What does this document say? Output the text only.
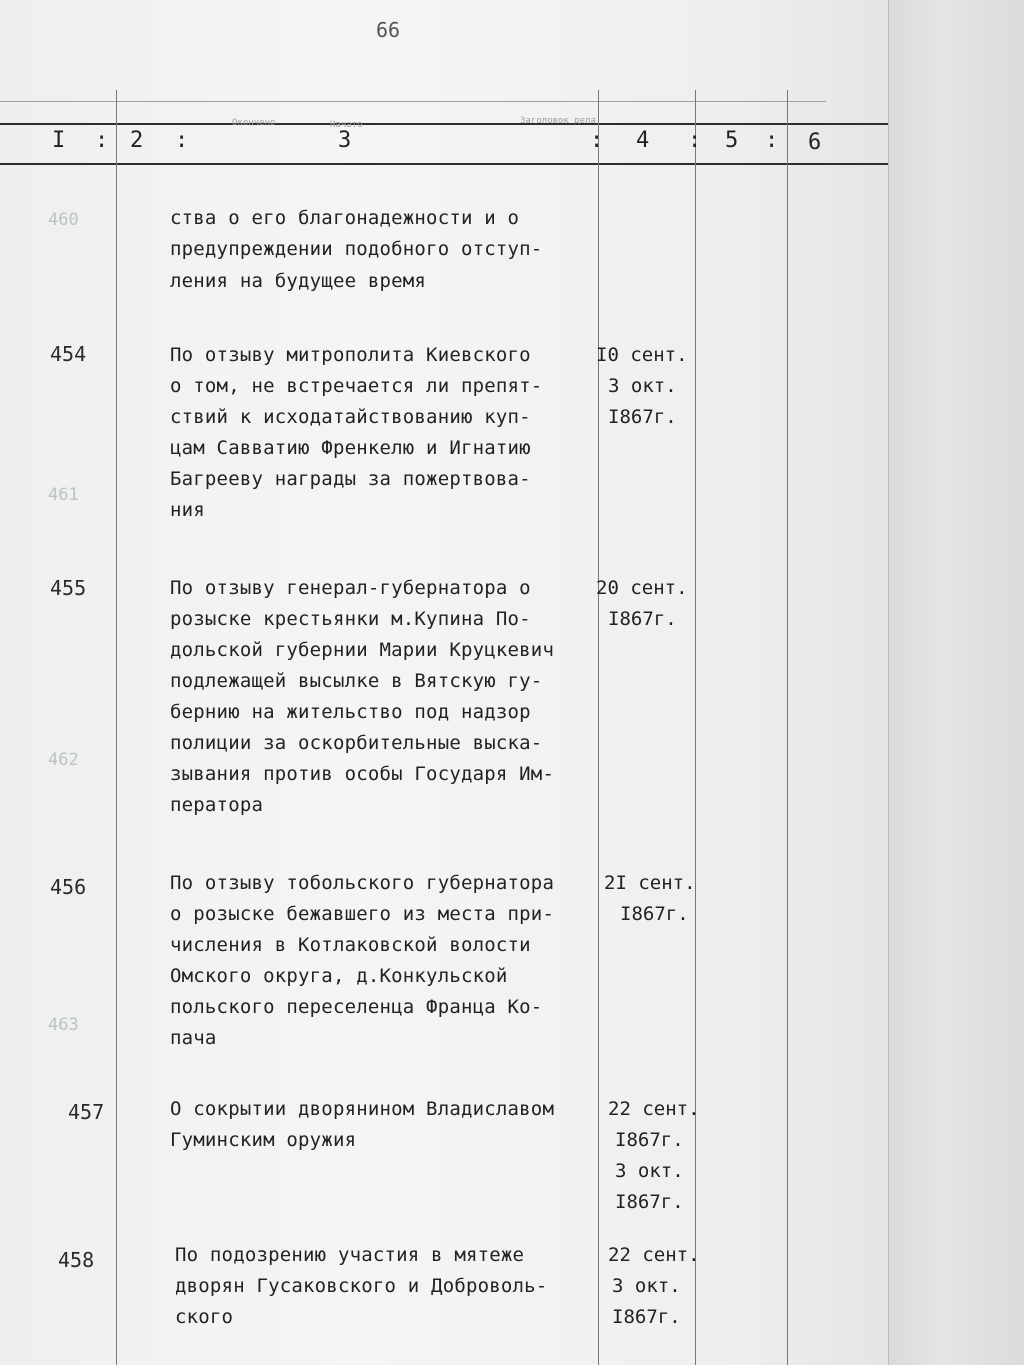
66
Окончено	Начато	Заголовок дела
I : 2 :	3	: 4 : 5 : 6
460
461
462
463
ства о его благонадежности и о
предупреждении подобного отступ-
ления на будущее время
454	По отзыву митрополита Киевского
о том, не встречается ли препят-
ствий к исходатайствованию куп-
цам Савватию Френкелю и Игнатию
Багрееву награды за пожертвова-
ния
I0 сент.
3 окт.
I867г.
455	По отзыву генерал-губернатора о
розыске крестьянки м.Купина По-
дольской губернии Марии Круцкевич
подлежащей высылке в Вятскую гу-
бернию на жительство под надзор
полиции за оскорбительные выска-
зывания против особы Государя Им-
ператора
20 сент.
I867г.
456	По отзыву тобольского губернатора
о розыске бежавшего из места при-
числения в Котлаковской волости
Омского округа, д.Конкульской
польского переселенца Франца Ко-
пача
2I сент.
I867г.
457	О сокрытии дворянином Владиславом
Гуминским оружия
22 сент.
I867г.
3 окт.
I867г.
458	По подозрению участия в мятеже
дворян Гусаковского и Доброволь-
ского
22 сент.
3 окт.
I867г.
